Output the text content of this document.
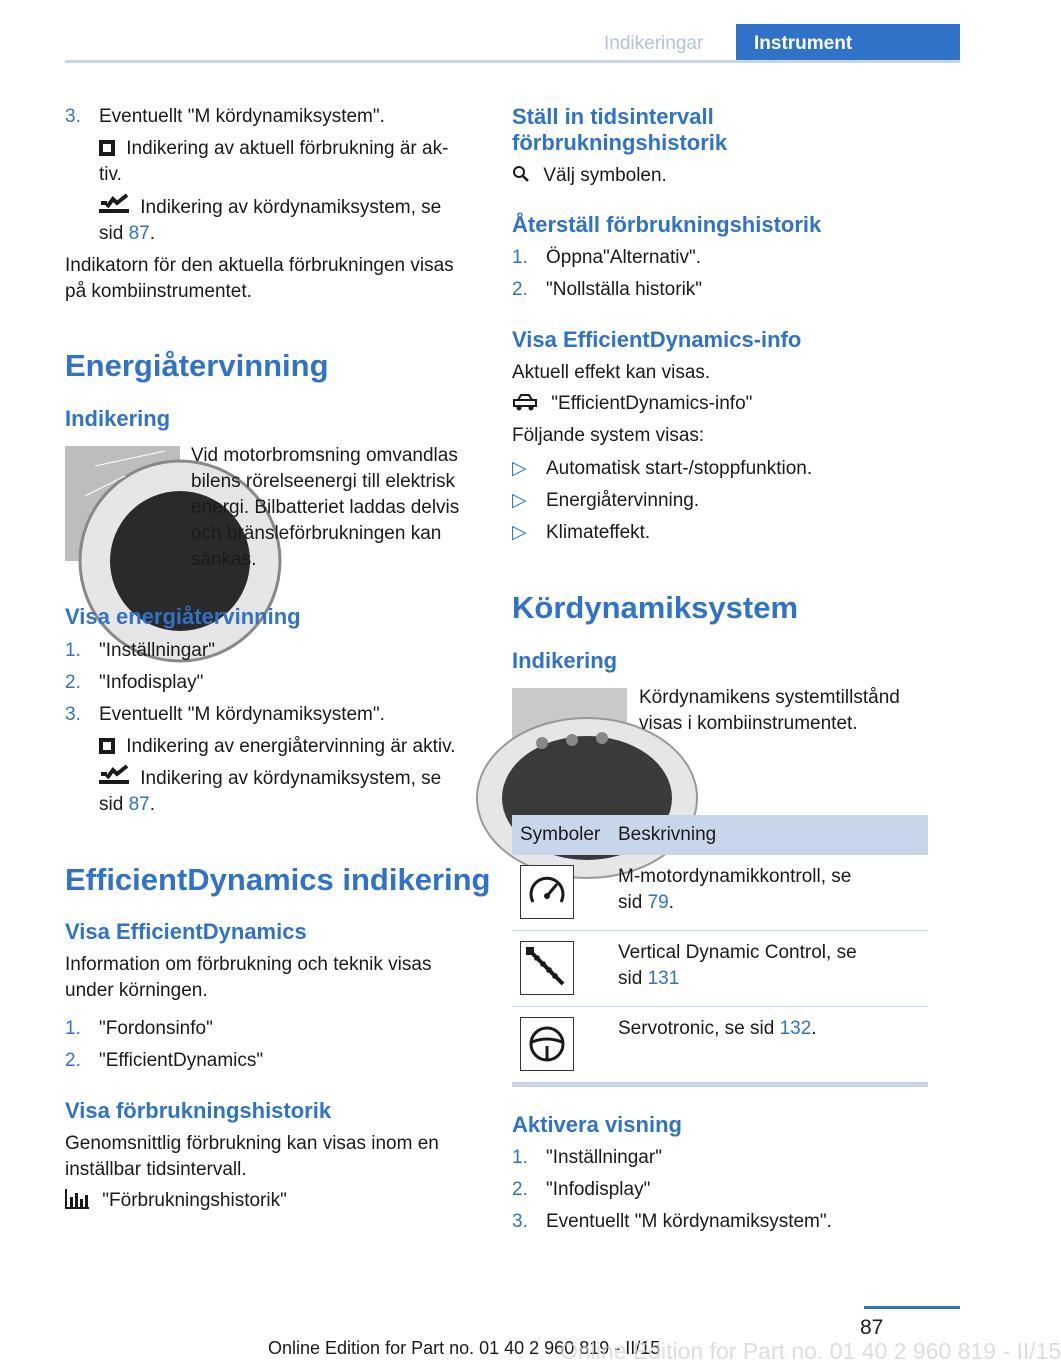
Indikeringar	Instrument
3. Eventuellt "M kördynamiksystem".
Indikering av aktuell förbrukning är ak-
tiv.
Indikering av kördynamiksystem, se
sid 87.
Indikatorn för den aktuella förbrukningen visas
på kombiinstrumentet.
Energiåtervinning
Indikering
Vid motorbromsning omvandlas
bilens rörelseenergi till elektrisk
energi. Bilbatteriet laddas delvis
och bränsleförbrukningen kan
sänkas.
Visa energiåtervinning
1. "Inställningar"
2. "Infodisplay"
3. Eventuellt "M kördynamiksystem".
Indikering av energiåtervinning är aktiv.
Indikering av kördynamiksystem, se
sid 87.
EfficientDynamics indikering
Visa EfficientDynamics
Information om förbrukning och teknik visas
under körningen.
1. "Fordonsinfo"
2. "EfficientDynamics"
Visa förbrukningshistorik
Genomsnittlig förbrukning kan visas inom en
inställbar tidsintervall.
"Förbrukningshistorik"
Ställ in tidsintervall
förbrukningshistorik
Välj symbolen.
Återställ förbrukningshistorik
1. Öppna"Alternativ".
2. "Nollställa historik"
Visa EfficientDynamics-info
Aktuell effekt kan visas.
"EfficientDynamics-info"
Följande system visas:
▷ Automatisk start-/stoppfunktion.
▷ Energiåtervinning.
▷ Klimateffekt.
Kördynamiksystem
Indikering
Kördynamikens systemtillstånd
visas i kombiinstrumentet.
Symboler Beskrivning
M-motordynamikkontroll, se
sid 79.
Vertical Dynamic Control, se
sid 131
Servotronic, se sid 132.
Aktivera visning
1. "Inställningar"
2. "Infodisplay"
3. Eventuellt "M kördynamiksystem".
87
Online Edition for Part no. 01 40 2 960 819 - II/15
Online Edition for Part no. 01 40 2 960 819 - II/15
